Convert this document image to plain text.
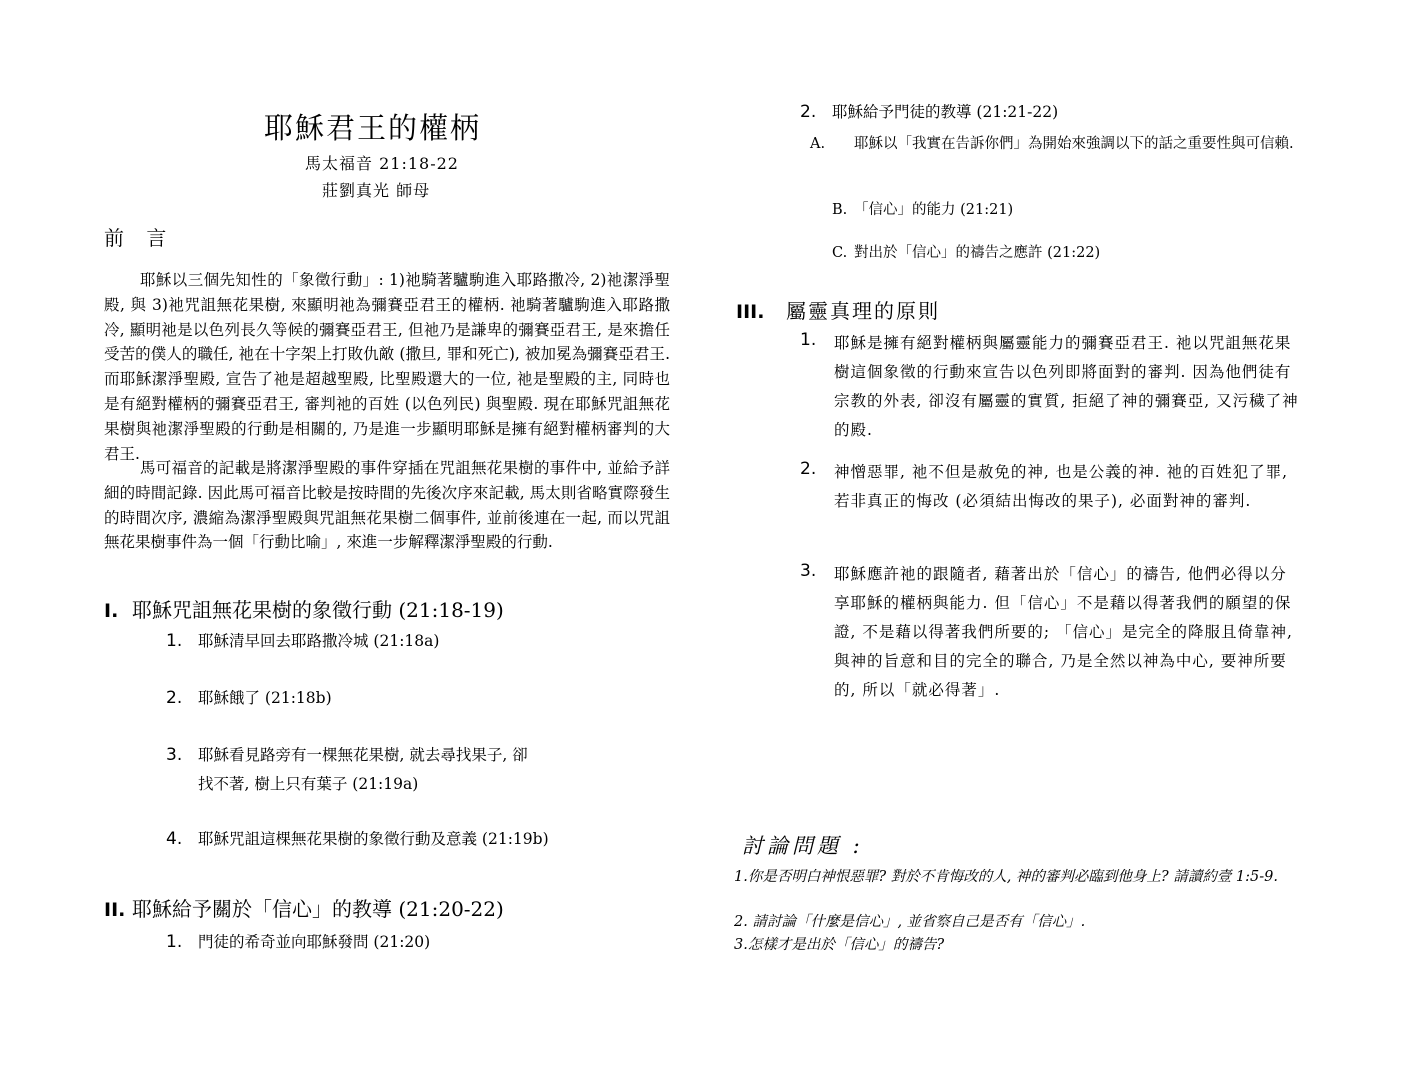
耶穌君王的權柄
馬太福音 21:18-22
莊劉真光 師母
前 言
耶穌以三個先知性的「象徵行動」: 1)祂騎著驢駒進入耶路撒冷, 2)祂潔淨聖殿, 與 3)祂咒詛無花果樹, 來顯明祂為彌賽亞君王的權柄. 祂騎著驢駒進入耶路撒冷, 顯明祂是以色列長久等候的彌賽亞君王, 但祂乃是謙卑的彌賽亞君王, 是來擔任受苦的僕人的職任, 祂在十字架上打敗仇敵 (撒旦, 罪和死亡), 被加冕為彌賽亞君王. 而耶穌潔淨聖殿, 宣告了祂是超越聖殿, 比聖殿還大的一位, 祂是聖殿的主, 同時也是有絕對權柄的彌賽亞君王, 審判祂的百姓 (以色列民) 與聖殿. 現在耶穌咒詛無花果樹與祂潔淨聖殿的行動是相關的, 乃是進一步顯明耶穌是擁有絕對權柄審判的大君王.
馬可福音的記載是將潔淨聖殿的事件穿插在咒詛無花果樹的事件中, 並給予詳細的時間記錄. 因此馬可福音比較是按時間的先後次序來記載, 馬太則省略實際發生的時間次序, 濃縮為潔淨聖殿與咒詛無花果樹二個事件, 並前後連在一起, 而以咒詛無花果樹事件為一個「行動比喻」, 來進一步解釋潔淨聖殿的行動.
I. 耶穌咒詛無花果樹的象徵行動 (21:18-19)
1. 耶穌清早回去耶路撒冷城 (21:18a)
2. 耶穌餓了 (21:18b)
3. 耶穌看見路旁有一棵無花果樹, 就去尋找果子, 卻
找不著, 樹上只有葉子 (21:19a)
4. 耶穌咒詛這棵無花果樹的象徵行動及意義 (21:19b)
II. 耶穌給予關於「信心」的教導 (21:20-22)
1. 門徒的希奇並向耶穌發問 (21:20)
2. 耶穌給予門徒的教導 (21:21-22)
A. 耶穌以「我實在告訴你們」為開始來強調以下的話之重要性與可信賴.
B. 「信心」的能力 (21:21)
C. 對出於「信心」的禱告之應許 (21:22)
III. 屬靈真理的原則
1. 耶穌是擁有絕對權柄與屬靈能力的彌賽亞君王. 祂以咒詛無花果樹這個象徵的行動來宣告以色列即將面對的審判. 因為他們徒有宗教的外表, 卻沒有屬靈的實質, 拒絕了神的彌賽亞, 又污穢了神的殿.
2. 神憎惡罪, 祂不但是赦免的神, 也是公義的神. 祂的百姓犯了罪, 若非真正的悔改 (必須結出悔改的果子), 必面對神的審判.
3. 耶穌應許祂的跟隨者, 藉著出於「信心」的禱告, 他們必得以分享耶穌的權柄與能力. 但「信心」不是藉以得著我們的願望的保證, 不是藉以得著我們所要的; 「信心」是完全的降服且倚靠神, 與神的旨意和目的完全的聯合, 乃是全然以神為中心, 要神所要的, 所以「就必得著」.
討論問題 :
1.你是否明白神恨惡罪? 對於不肯悔改的人, 神的審判必臨到他身上? 請讀約壹 1:5-9.
2. 請討論「什麼是信心」, 並省察自己是否有「信心」.
3.怎樣才是出於「信心」的禱告?
